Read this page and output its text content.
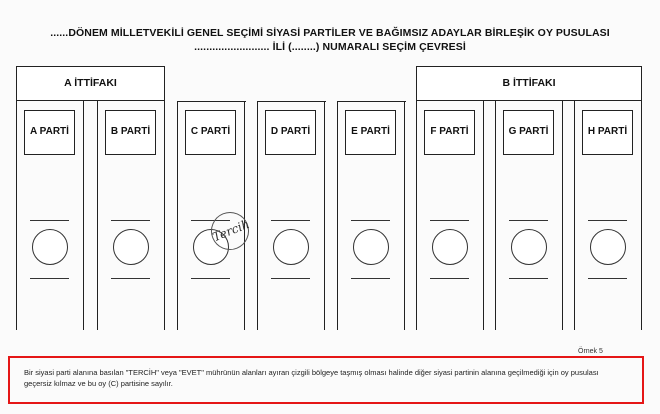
......DÖNEM MİLLETVEKİLİ GENEL SEÇİMİ SİYASİ PARTİLER VE BAĞIMSIZ ADAYLAR BİRLEŞİK OY PUSULASI
......................... İLİ (........) NUMARALI SEÇİM ÇEVRESİ
A İTTİFAKI	B İTTİFAKI
A PARTİ	B PARTİ	C PARTİ	D PARTİ	E PARTİ	F PARTİ	G PARTİ	H PARTİ
Tercih
Örnek 5
Bir siyasi parti alanına basılan "TERCİH" veya "EVET" mührünün alanları ayıran çizgili bölgeye taşmış olması halinde diğer siyasi partinin alanına geçilmediği için oy pusulası geçersiz kılmaz ve bu oy (C) partisine sayılır.
